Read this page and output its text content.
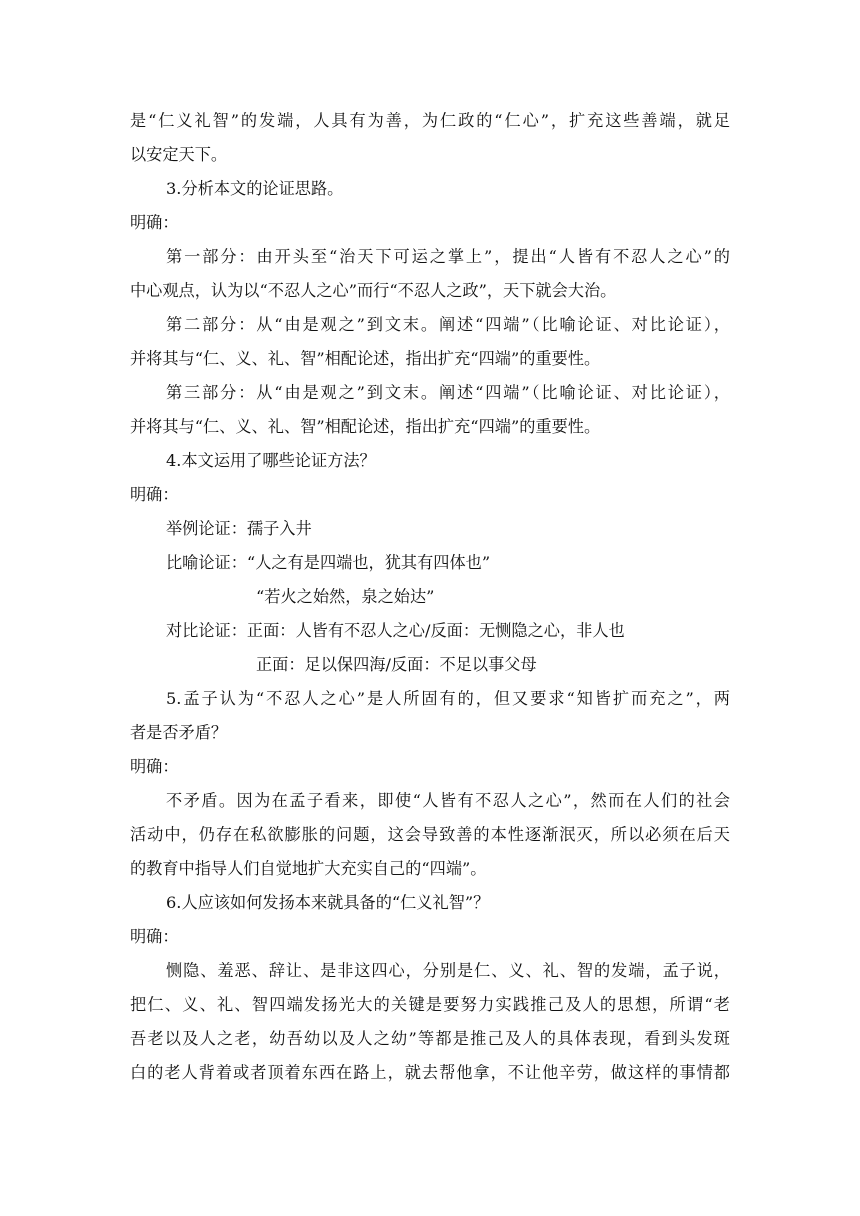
是“仁义礼智”的发端，人具有为善，为仁政的“仁心”，扩充这些善端，就足
以安定天下。
3.分析本文的论证思路。
明确：
第一部分：由开头至“治天下可运之掌上”，提出“人皆有不忍人之心”的
中心观点，认为以“不忍人之心”而行“不忍人之政”，天下就会大治。
第二部分：从“由是观之”到文末。阐述“四端”（比喻论证、对比论证），
并将其与“仁、义、礼、智”相配论述，指出扩充“四端”的重要性。
第三部分：从“由是观之”到文末。阐述“四端”（比喻论证、对比论证），
并将其与“仁、义、礼、智”相配论述，指出扩充“四端”的重要性。
4.本文运用了哪些论证方法？
明确：
举例论证：孺子入井
比喻论证：“人之有是四端也，犹其有四体也”
“若火之始然，泉之始达”
对比论证：正面：人皆有不忍人之心/反面：无恻隐之心，非人也
正面：足以保四海/反面：不足以事父母
5.孟子认为“不忍人之心”是人所固有的，但又要求“知皆扩而充之”，两
者是否矛盾？
明确：
不矛盾。因为在孟子看来，即使“人皆有不忍人之心”，然而在人们的社会
活动中，仍存在私欲膨胀的问题，这会导致善的本性逐渐泯灭，所以必须在后天
的教育中指导人们自觉地扩大充实自己的“四端”。
6.人应该如何发扬本来就具备的“仁义礼智”？
明确：
恻隐、羞恶、辞让、是非这四心，分别是仁、义、礼、智的发端，孟子说，
把仁、义、礼、智四端发扬光大的关键是要努力实践推己及人的思想，所谓“老
吾老以及人之老，幼吾幼以及人之幼”等都是推己及人的具体表现，看到头发斑
白的老人背着或者顶着东西在路上，就去帮他拿，不让他辛劳，做这样的事情都
